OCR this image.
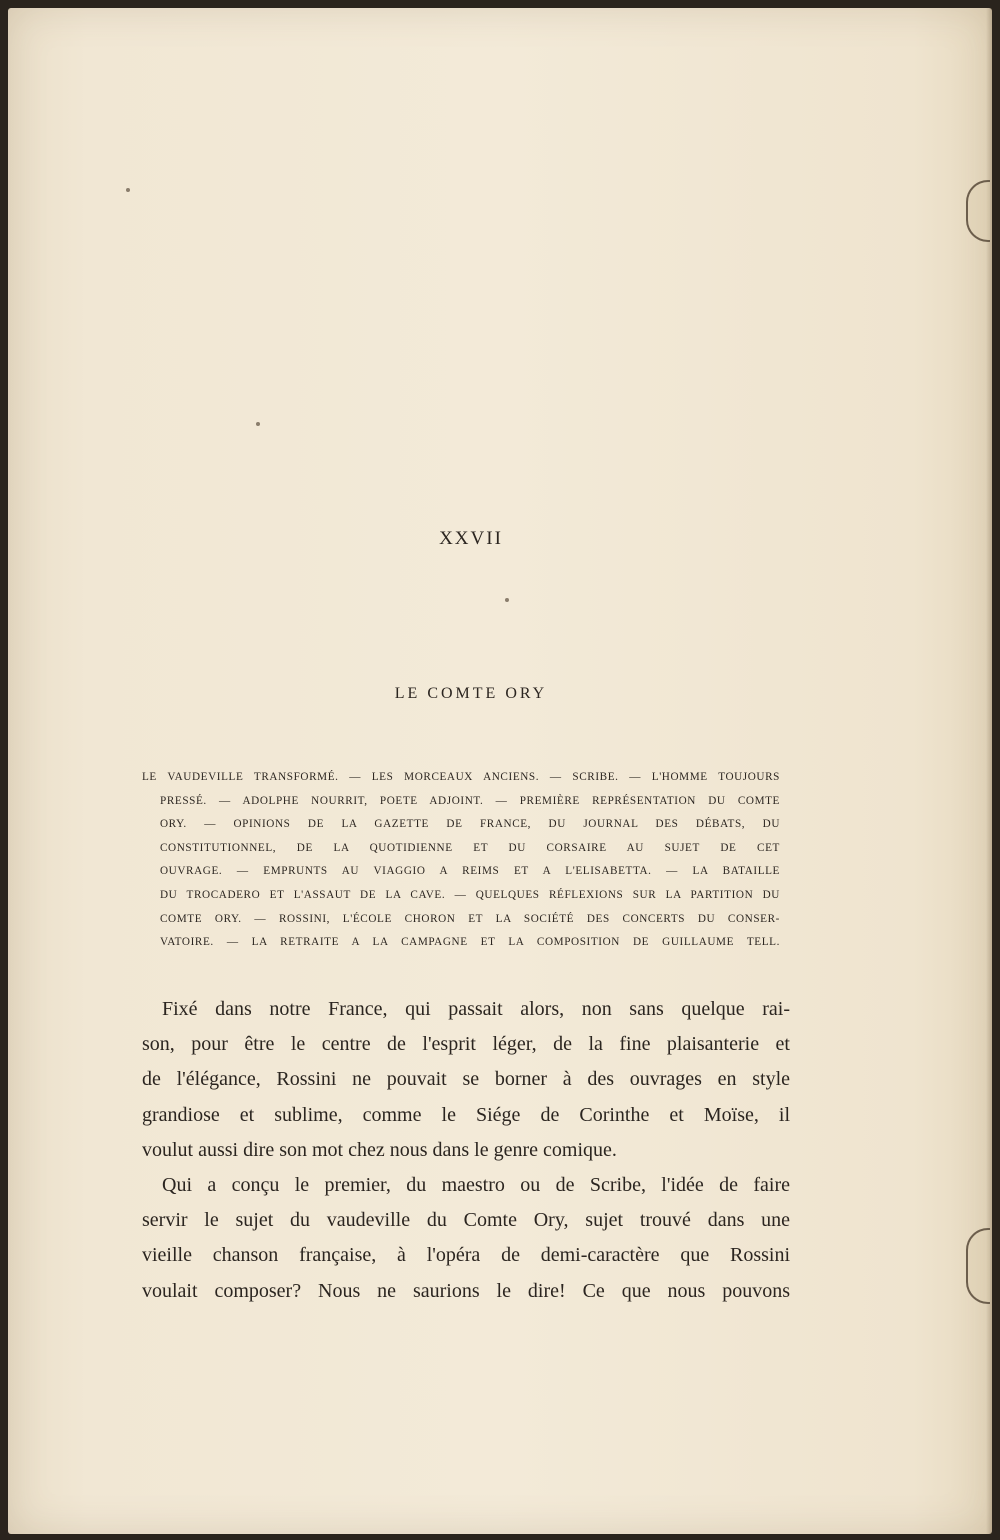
XXVII
LE COMTE ORY
LE VAUDEVILLE TRANSFORMÉ. — LES MORCEAUX ANCIENS. — SCRIBE. — L'HOMME TOUJOURS
PRESSÉ. — ADOLPHE NOURRIT, POETE ADJOINT. — PREMIÈRE REPRÉSENTATION DU COMTE
ORY. — OPINIONS DE LA GAZETTE DE FRANCE, DU JOURNAL DES DÉBATS, DU
CONSTITUTIONNEL, DE LA QUOTIDIENNE ET DU CORSAIRE AU SUJET DE CET
OUVRAGE. — EMPRUNTS AU VIAGGIO A REIMS ET A L'ELISABETTA. — LA BATAILLE
DU TROCADERO ET L'ASSAUT DE LA CAVE. — QUELQUES RÉFLEXIONS SUR LA PARTITION DU
COMTE ORY. — ROSSINI, L'ÉCOLE CHORON ET LA SOCIÉTÉ DES CONCERTS DU CONSER-
VATOIRE. — LA RETRAITE A LA CAMPAGNE ET LA COMPOSITION DE GUILLAUME TELL.
Fixé dans notre France, qui passait alors, non sans quelque rai-
son, pour être le centre de l'esprit léger, de la fine plaisanterie et
de l'élégance, Rossini ne pouvait se borner à des ouvrages en style
grandiose et sublime, comme le Siége de Corinthe et Moïse, il
voulut aussi dire son mot chez nous dans le genre comique.
Qui a conçu le premier, du maestro ou de Scribe, l'idée de faire
servir le sujet du vaudeville du Comte Ory, sujet trouvé dans une
vieille chanson française, à l'opéra de demi-caractère que Rossini
voulait composer? Nous ne saurions le dire! Ce que nous pouvons
